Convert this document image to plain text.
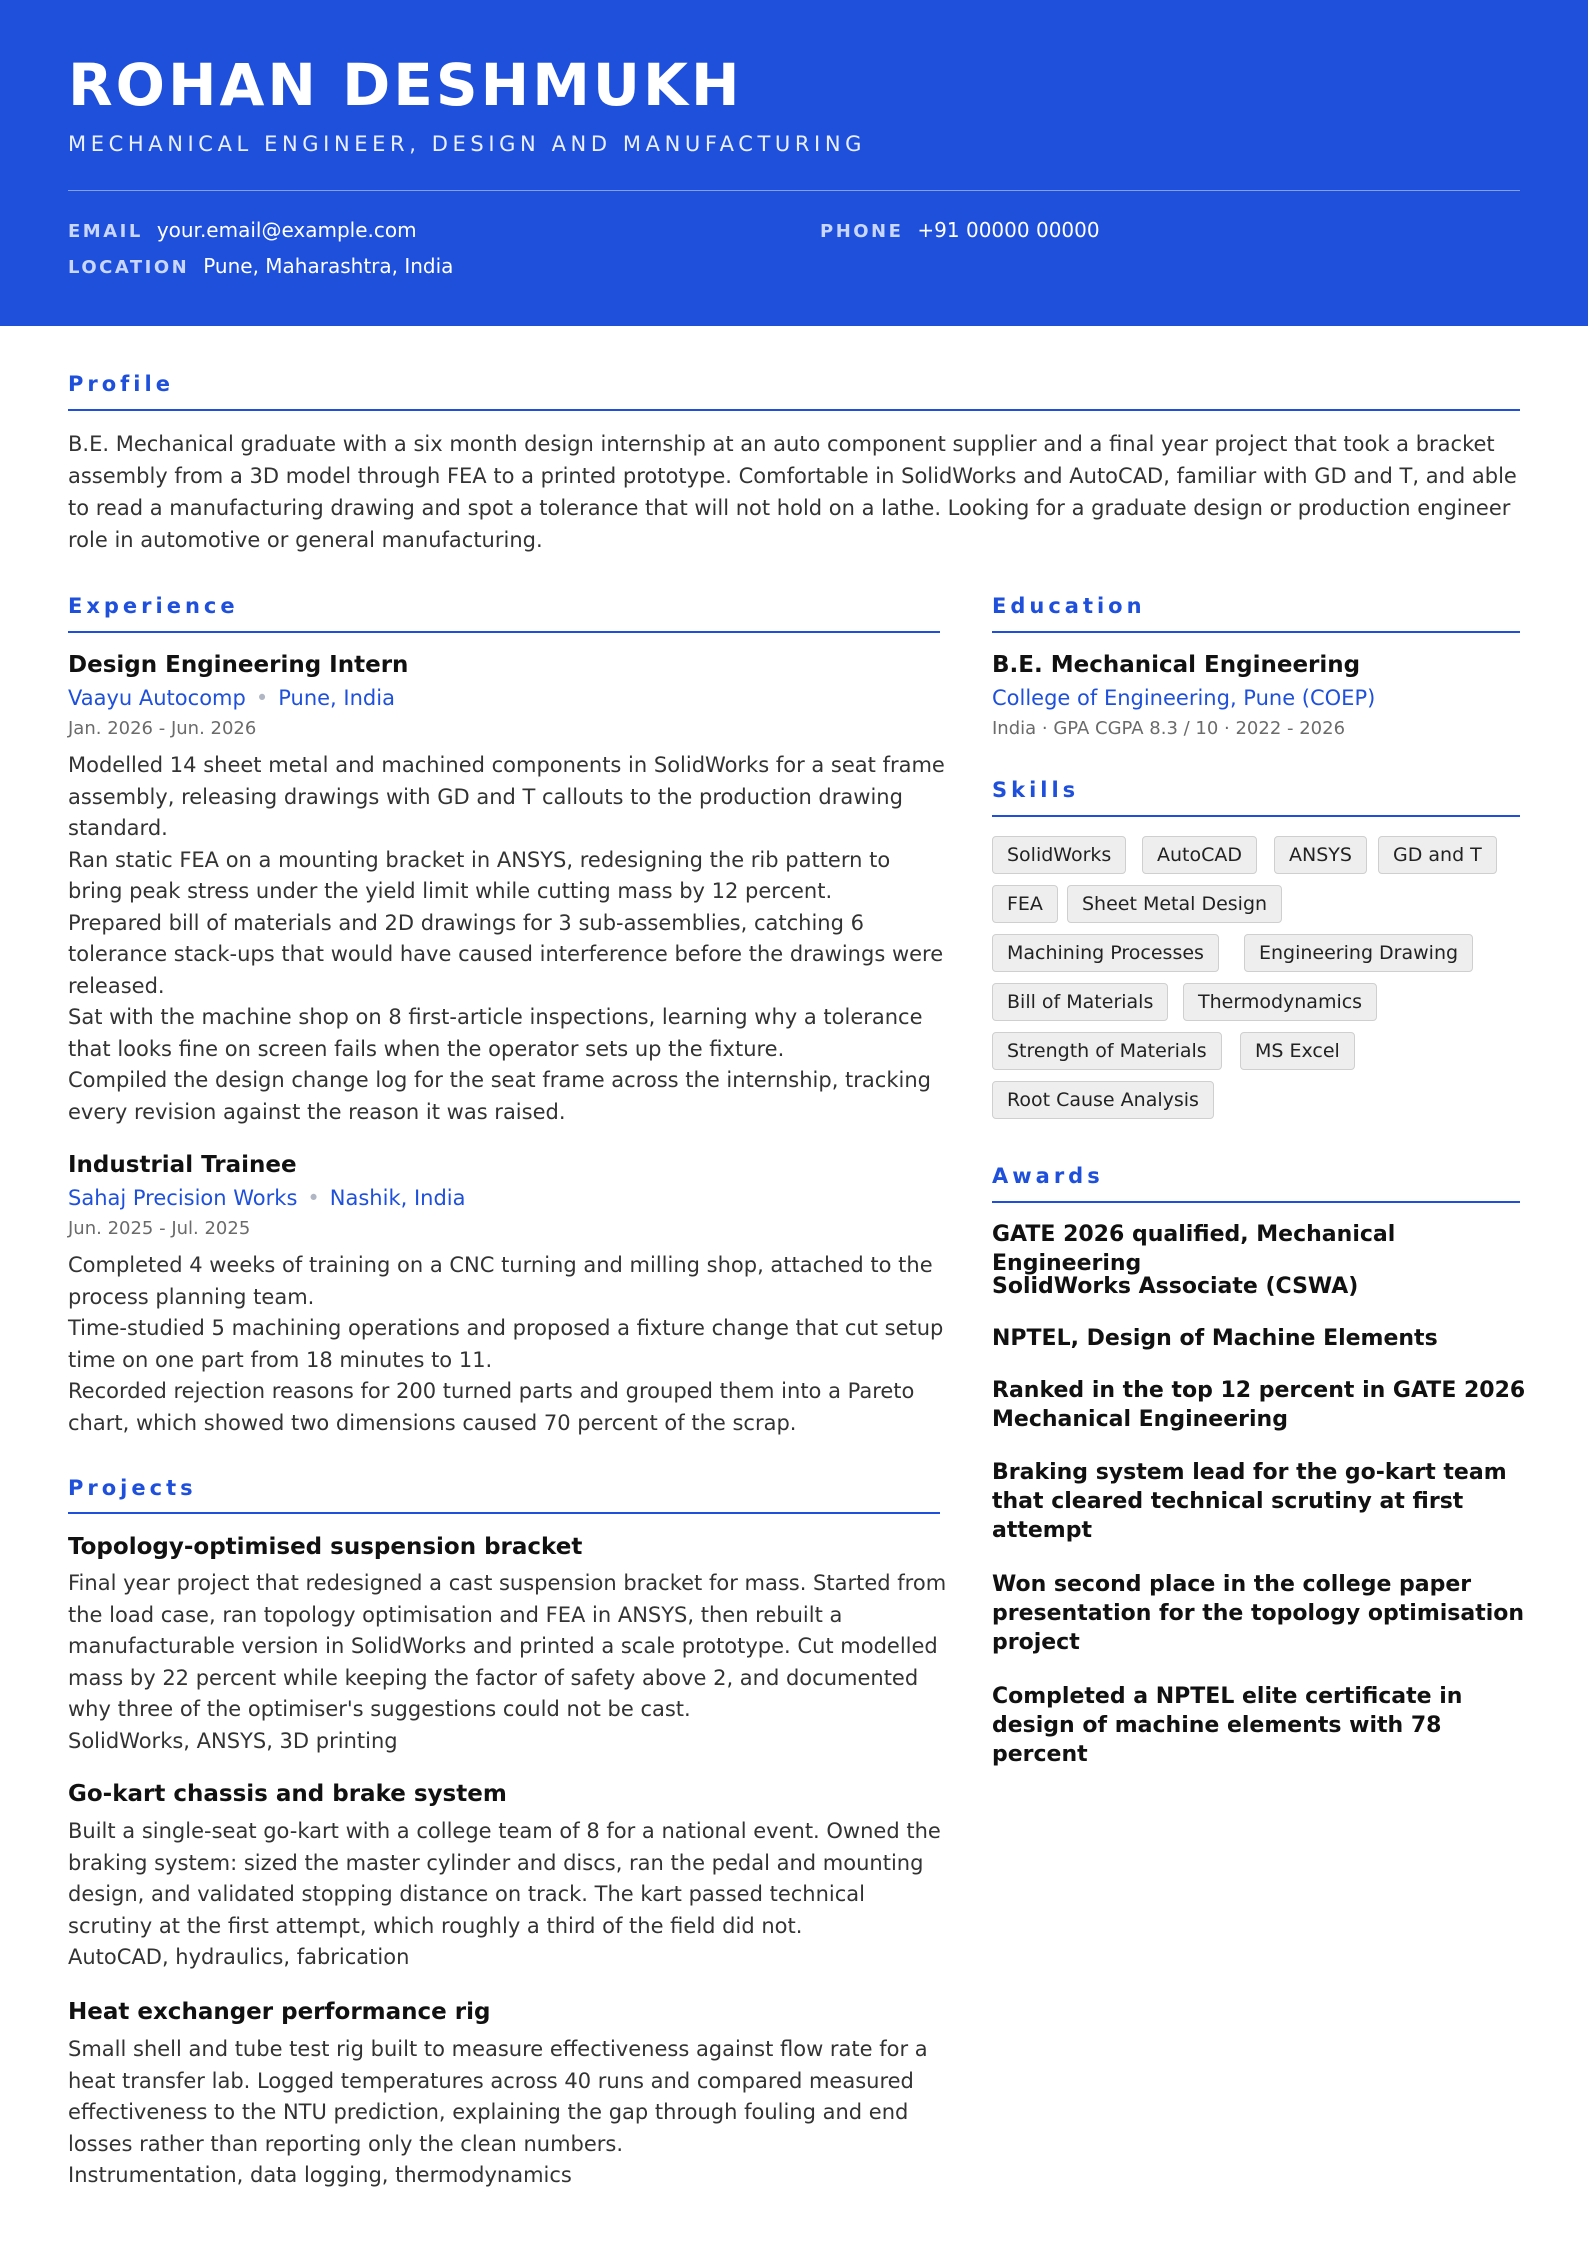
ROHAN DESHMUKH
MECHANICAL ENGINEER, DESIGN AND MANUFACTURING
EMAIL your.email@example.com	PHONE +91 00000 00000
LOCATION Pune, Maharashtra, India
Profile
B.E. Mechanical graduate with a six month design internship at an auto component supplier and a final year project that took a bracket assembly from a 3D model through FEA to a printed prototype. Comfortable in SolidWorks and AutoCAD, familiar with GD and T, and able to read a manufacturing drawing and spot a tolerance that will not hold on a lathe. Looking for a graduate design or production engineer role in automotive or general manufacturing.
Experience
Design Engineering Intern
Vaayu Autocomp • Pune, India
Jan. 2026 - Jun. 2026
Modelled 14 sheet metal and machined components in SolidWorks for a seat frame assembly, releasing drawings with GD and T callouts to the production drawing standard.
Ran static FEA on a mounting bracket in ANSYS, redesigning the rib pattern to bring peak stress under the yield limit while cutting mass by 12 percent.
Prepared bill of materials and 2D drawings for 3 sub-assemblies, catching 6 tolerance stack-ups that would have caused interference before the drawings were released.
Sat with the machine shop on 8 first-article inspections, learning why a tolerance that looks fine on screen fails when the operator sets up the fixture.
Compiled the design change log for the seat frame across the internship, tracking every revision against the reason it was raised.
Industrial Trainee
Sahaj Precision Works • Nashik, India
Jun. 2025 - Jul. 2025
Completed 4 weeks of training on a CNC turning and milling shop, attached to the process planning team.
Time-studied 5 machining operations and proposed a fixture change that cut setup time on one part from 18 minutes to 11.
Recorded rejection reasons for 200 turned parts and grouped them into a Pareto chart, which showed two dimensions caused 70 percent of the scrap.
Projects
Topology-optimised suspension bracket
Final year project that redesigned a cast suspension bracket for mass. Started from the load case, ran topology optimisation and FEA in ANSYS, then rebuilt a manufacturable version in SolidWorks and printed a scale prototype. Cut modelled mass by 22 percent while keeping the factor of safety above 2, and documented why three of the optimiser's suggestions could not be cast.
SolidWorks, ANSYS, 3D printing
Go-kart chassis and brake system
Built a single-seat go-kart with a college team of 8 for a national event. Owned the braking system: sized the master cylinder and discs, ran the pedal and mounting design, and validated stopping distance on track. The kart passed technical scrutiny at the first attempt, which roughly a third of the field did not.
AutoCAD, hydraulics, fabrication
Heat exchanger performance rig
Small shell and tube test rig built to measure effectiveness against flow rate for a heat transfer lab. Logged temperatures across 40 runs and compared measured effectiveness to the NTU prediction, explaining the gap through fouling and end losses rather than reporting only the clean numbers.
Instrumentation, data logging, thermodynamics
Education
B.E. Mechanical Engineering
College of Engineering, Pune (COEP)
India · GPA CGPA 8.3 / 10 · 2022 - 2026
Skills
SolidWorks	AutoCAD	ANSYS	GD and T
FEA	Sheet Metal Design
Machining Processes	Engineering Drawing
Bill of Materials	Thermodynamics
Strength of Materials	MS Excel
Root Cause Analysis
Awards
GATE 2026 qualified, Mechanical Engineering
SolidWorks Associate (CSWA)
NPTEL, Design of Machine Elements
Ranked in the top 12 percent in GATE 2026 Mechanical Engineering
Braking system lead for the go-kart team that cleared technical scrutiny at first attempt
Won second place in the college paper presentation for the topology optimisation project
Completed a NPTEL elite certificate in design of machine elements with 78 percent
